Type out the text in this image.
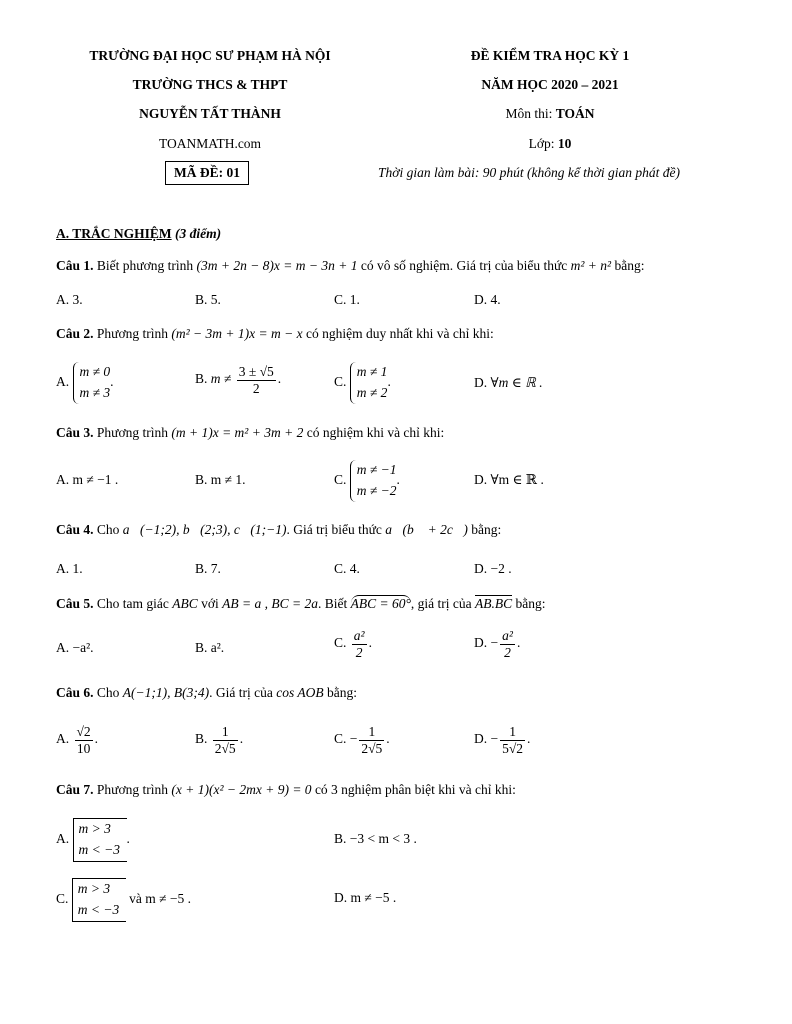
TRƯỜNG ĐẠI HỌC SƯ PHẠM HÀ NỘI
TRƯỜNG THCS & THPT
NGUYỄN TẤT THÀNH
TOANMATH.com
MÃ ĐỀ: 01
ĐỀ KIỂM TRA HỌC KỲ 1
NĂM HỌC 2020 – 2021
Môn thi: TOÁN
Lớp: 10
Thời gian làm bài: 90 phút (không kể thời gian phát đề)
A. TRẮC NGHIỆM (3 điểm)
Câu 1. Biết phương trình (3m + 2n − 8)x = m − 3n + 1 có vô số nghiệm. Giá trị của biểu thức m² + n² bằng:
A. 3.	B. 5.	C. 1.	D. 4.
Câu 2. Phương trình (m² − 3m + 1)x = m − x có nghiệm duy nhất khi và chỉ khi:
A. m ≠ 0
m ≠ 3.	B. $m \ne \frac{3 \pm √5}{2}$ .	C. m ≠ 1
m ≠ 2.	D. ∀m ∈ ℝ .
Câu 3. Phương trình (m + 1)x = m² + 3m + 2 có nghiệm khi và chỉ khi:
A. m ≠ −1 .	B. m ≠ 1.	C. m ≠ −1
m ≠ −2.	D. ∀m ∈ ℝ .
Câu 4. Cho a⃗(−1;2), b⃗(2;3), c⃗(1;−1). Giá trị biểu thức a⃗(b⃗ + 2c⃗) bằng:
A. 1.	B. 7.	C. 4.	D. −2 .
Câu 5. Cho tam giác ABC với AB = a , BC = 2a. Biết ABC = 60°, giá trị của AB.BC bằng:
A. −a².	B. a².	C. $\frac{\text{a²}}{2}$ .	D. − $\frac{\text{a²}}{2}$ .
Câu 6. Cho A(−1;1), B(3;4). Giá trị của cos AOB bằng:
A. $\frac{√2}{10}$ .	B. $\frac{1}{2√5}$ .	C. − $\frac{1}{2√5}$ .	D. − $\frac{1}{5√2}$ .
Câu 7. Phương trình (x + 1)(x² − 2mx + 9) = 0 có 3 nghiệm phân biệt khi và chỉ khi:
A. m > 3
m < −3.	B. −3 < m < 3 .
C. m > 3
m < −3 và m ≠ −5 .	D. m ≠ −5 .
